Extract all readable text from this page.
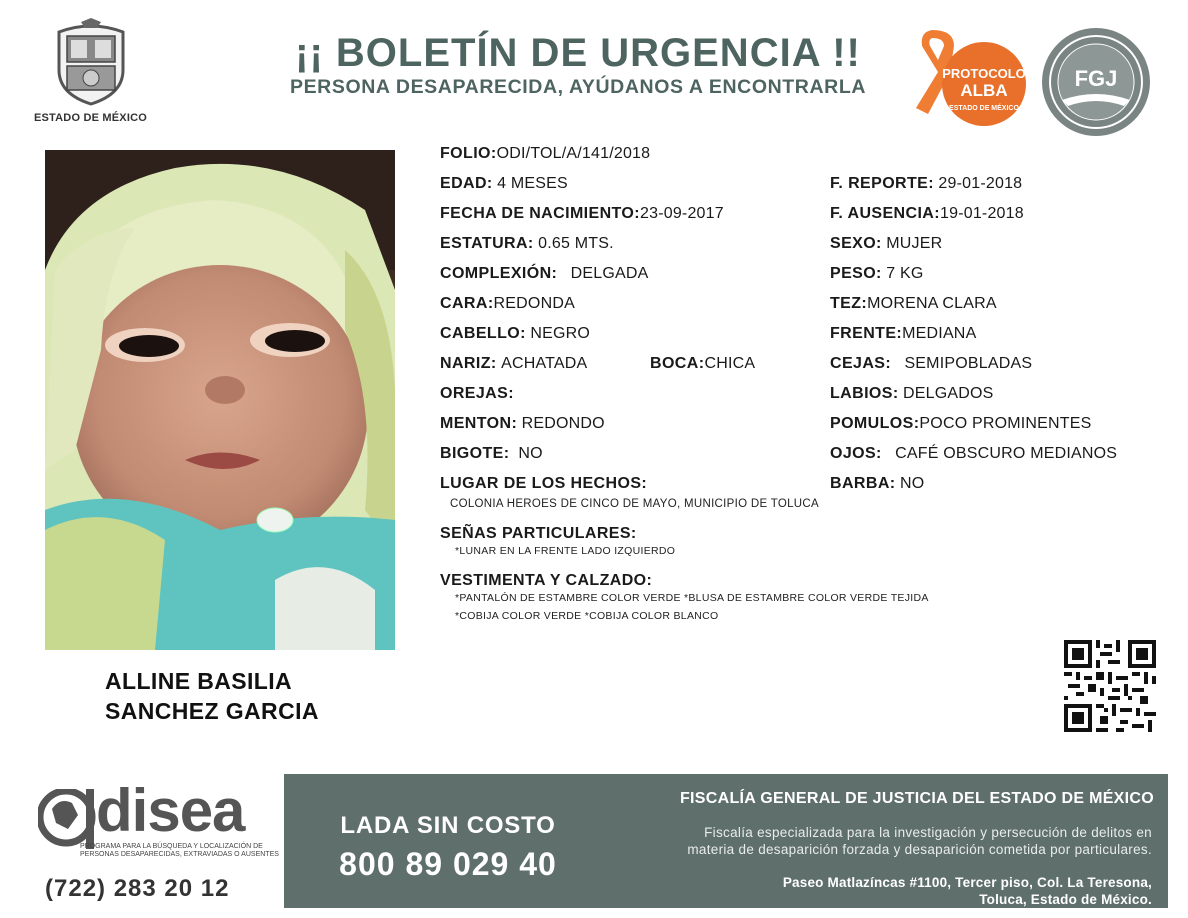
ESTADO DE MÉXICO
¡¡ BOLETÍN DE URGENCIA !!
PERSONA DESAPARECIDA, AYÚDANOS A ENCONTRARLA
PROTOCOLO
ALBA
ESTADO DE MÉXICO
FGJ
ALLINE BASILIA
SANCHEZ GARCIA
FOLIO:ODI/TOL/A/141/2018
EDAD: 4 MESES
FECHA DE NACIMIENTO:23-09-2017
ESTATURA: 0.65 MTS.
COMPLEXIÓN: DELGADA
CARA:REDONDA
CABELLO: NEGRO
NARIZ: ACHATADA	BOCA:CHICA
OREJAS:
MENTON: REDONDO
BIGOTE: NO
LUGAR DE LOS HECHOS:
COLONIA HEROES DE CINCO DE MAYO, MUNICIPIO DE TOLUCA
SEÑAS PARTICULARES:
*LUNAR EN LA FRENTE LADO IZQUIERDO
VESTIMENTA Y CALZADO:
*PANTALÓN DE ESTAMBRE COLOR VERDE *BLUSA DE ESTAMBRE COLOR VERDE TEJIDA
*COBIJA COLOR VERDE *COBIJA COLOR BLANCO
F. REPORTE: 29-01-2018
F. AUSENCIA:19-01-2018
SEXO: MUJER
PESO: 7 KG
TEZ:MORENA CLARA
FRENTE:MEDIANA
CEJAS: SEMIPOBLADAS
LABIOS: DELGADOS
POMULOS:POCO PROMINENTES
OJOS: CAFÉ OBSCURO MEDIANOS
BARBA: NO
disea
PROGRAMA PARA LA BÚSQUEDA Y LOCALIZACIÓN DE PERSONAS DESAPARECIDAS, EXTRAVIADAS O AUSENTES
(722) 283 20 12
LADA SIN COSTO
800 89 029 40
FISCALÍA GENERAL DE JUSTICIA DEL ESTADO DE MÉXICO
Fiscalía especializada para la investigación y persecución de delitos en
materia de desaparición forzada y desaparición cometida por particulares.
Paseo Matlazíncas #1100, Tercer piso, Col. La Teresona,
Toluca, Estado de México.
